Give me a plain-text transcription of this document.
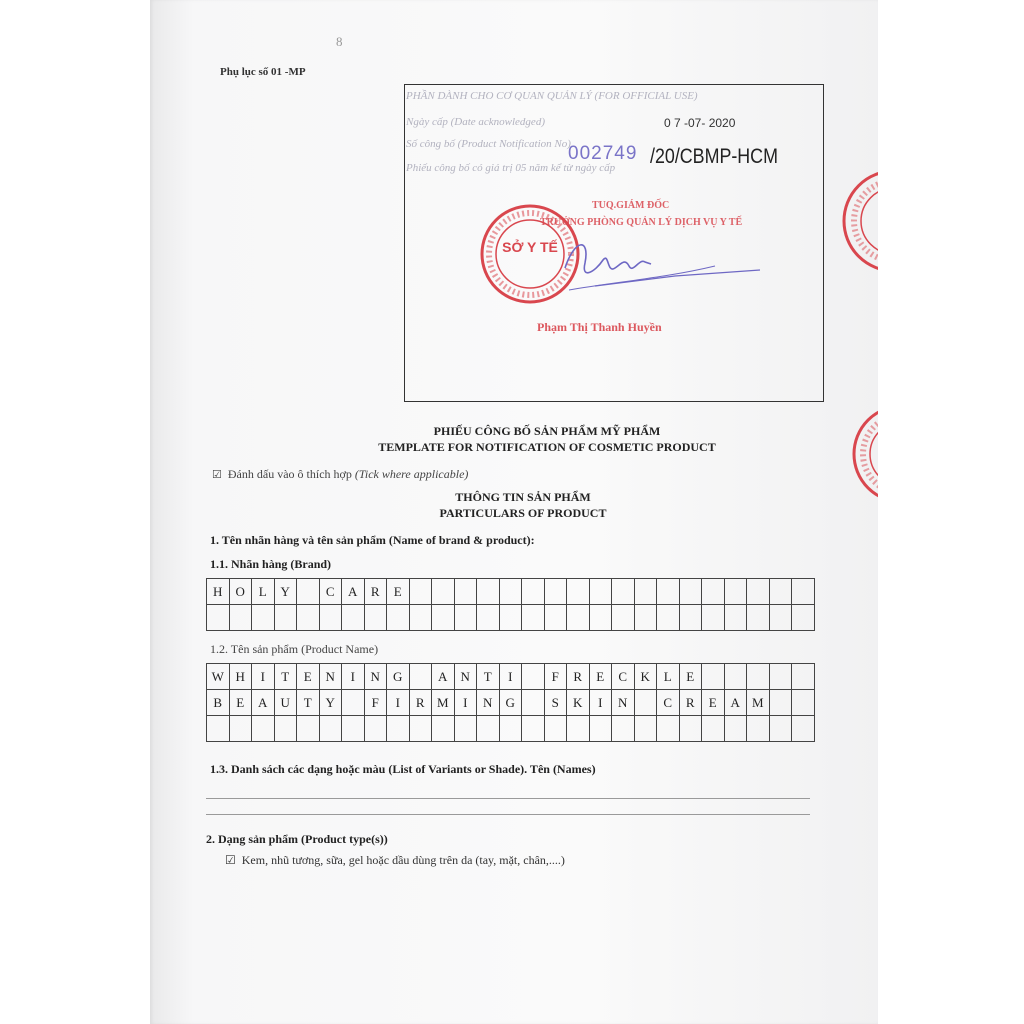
Phụ lục số 01 -MP
8
PHẦN DÀNH CHO CƠ QUAN QUẢN LÝ (FOR OFFICIAL USE)
Ngày cấp (Date acknowledged)	0 7 -07- 2020
Số công bố (Product Notification No)
002749 /20/CBMP-HCM
Phiếu công bố có giá trị 05 năm kể từ ngày cấp
TUQ.GIÁM ĐỐC
TRƯỞNG PHÒNG QUẢN LÝ DỊCH VỤ Y TẾ
SỞ Y TẾ
Phạm Thị Thanh Huyền
PHIẾU CÔNG BỐ SẢN PHẨM MỸ PHẨM
TEMPLATE FOR NOTIFICATION OF COSMETIC PRODUCT
☑ Đánh dấu vào ô thích hợp (Tick where applicable)
THÔNG TIN SẢN PHẨM
PARTICULARS OF PRODUCT
1. Tên nhãn hàng và tên sản phẩm (Name of brand & product):
1.1. Nhãn hàng (Brand)
H	O	L	Y		C	A	R	E																		

1.2. Tên sản phẩm (Product Name)
W	H	I	T	E	N	I	N	G		A	N	T	I		F	R	E	C	K	L	E					
B	E	A	U	T	Y		F	I	R	M	I	N	G		S	K	I	N		C	R	E	A	M		

1.3. Danh sách các dạng hoặc màu (List of Variants or Shade). Tên (Names)
2. Dạng sản phẩm (Product type(s))
☑ Kem, nhũ tương, sữa, gel hoặc dầu dùng trên da (tay, mặt, chân,....)
